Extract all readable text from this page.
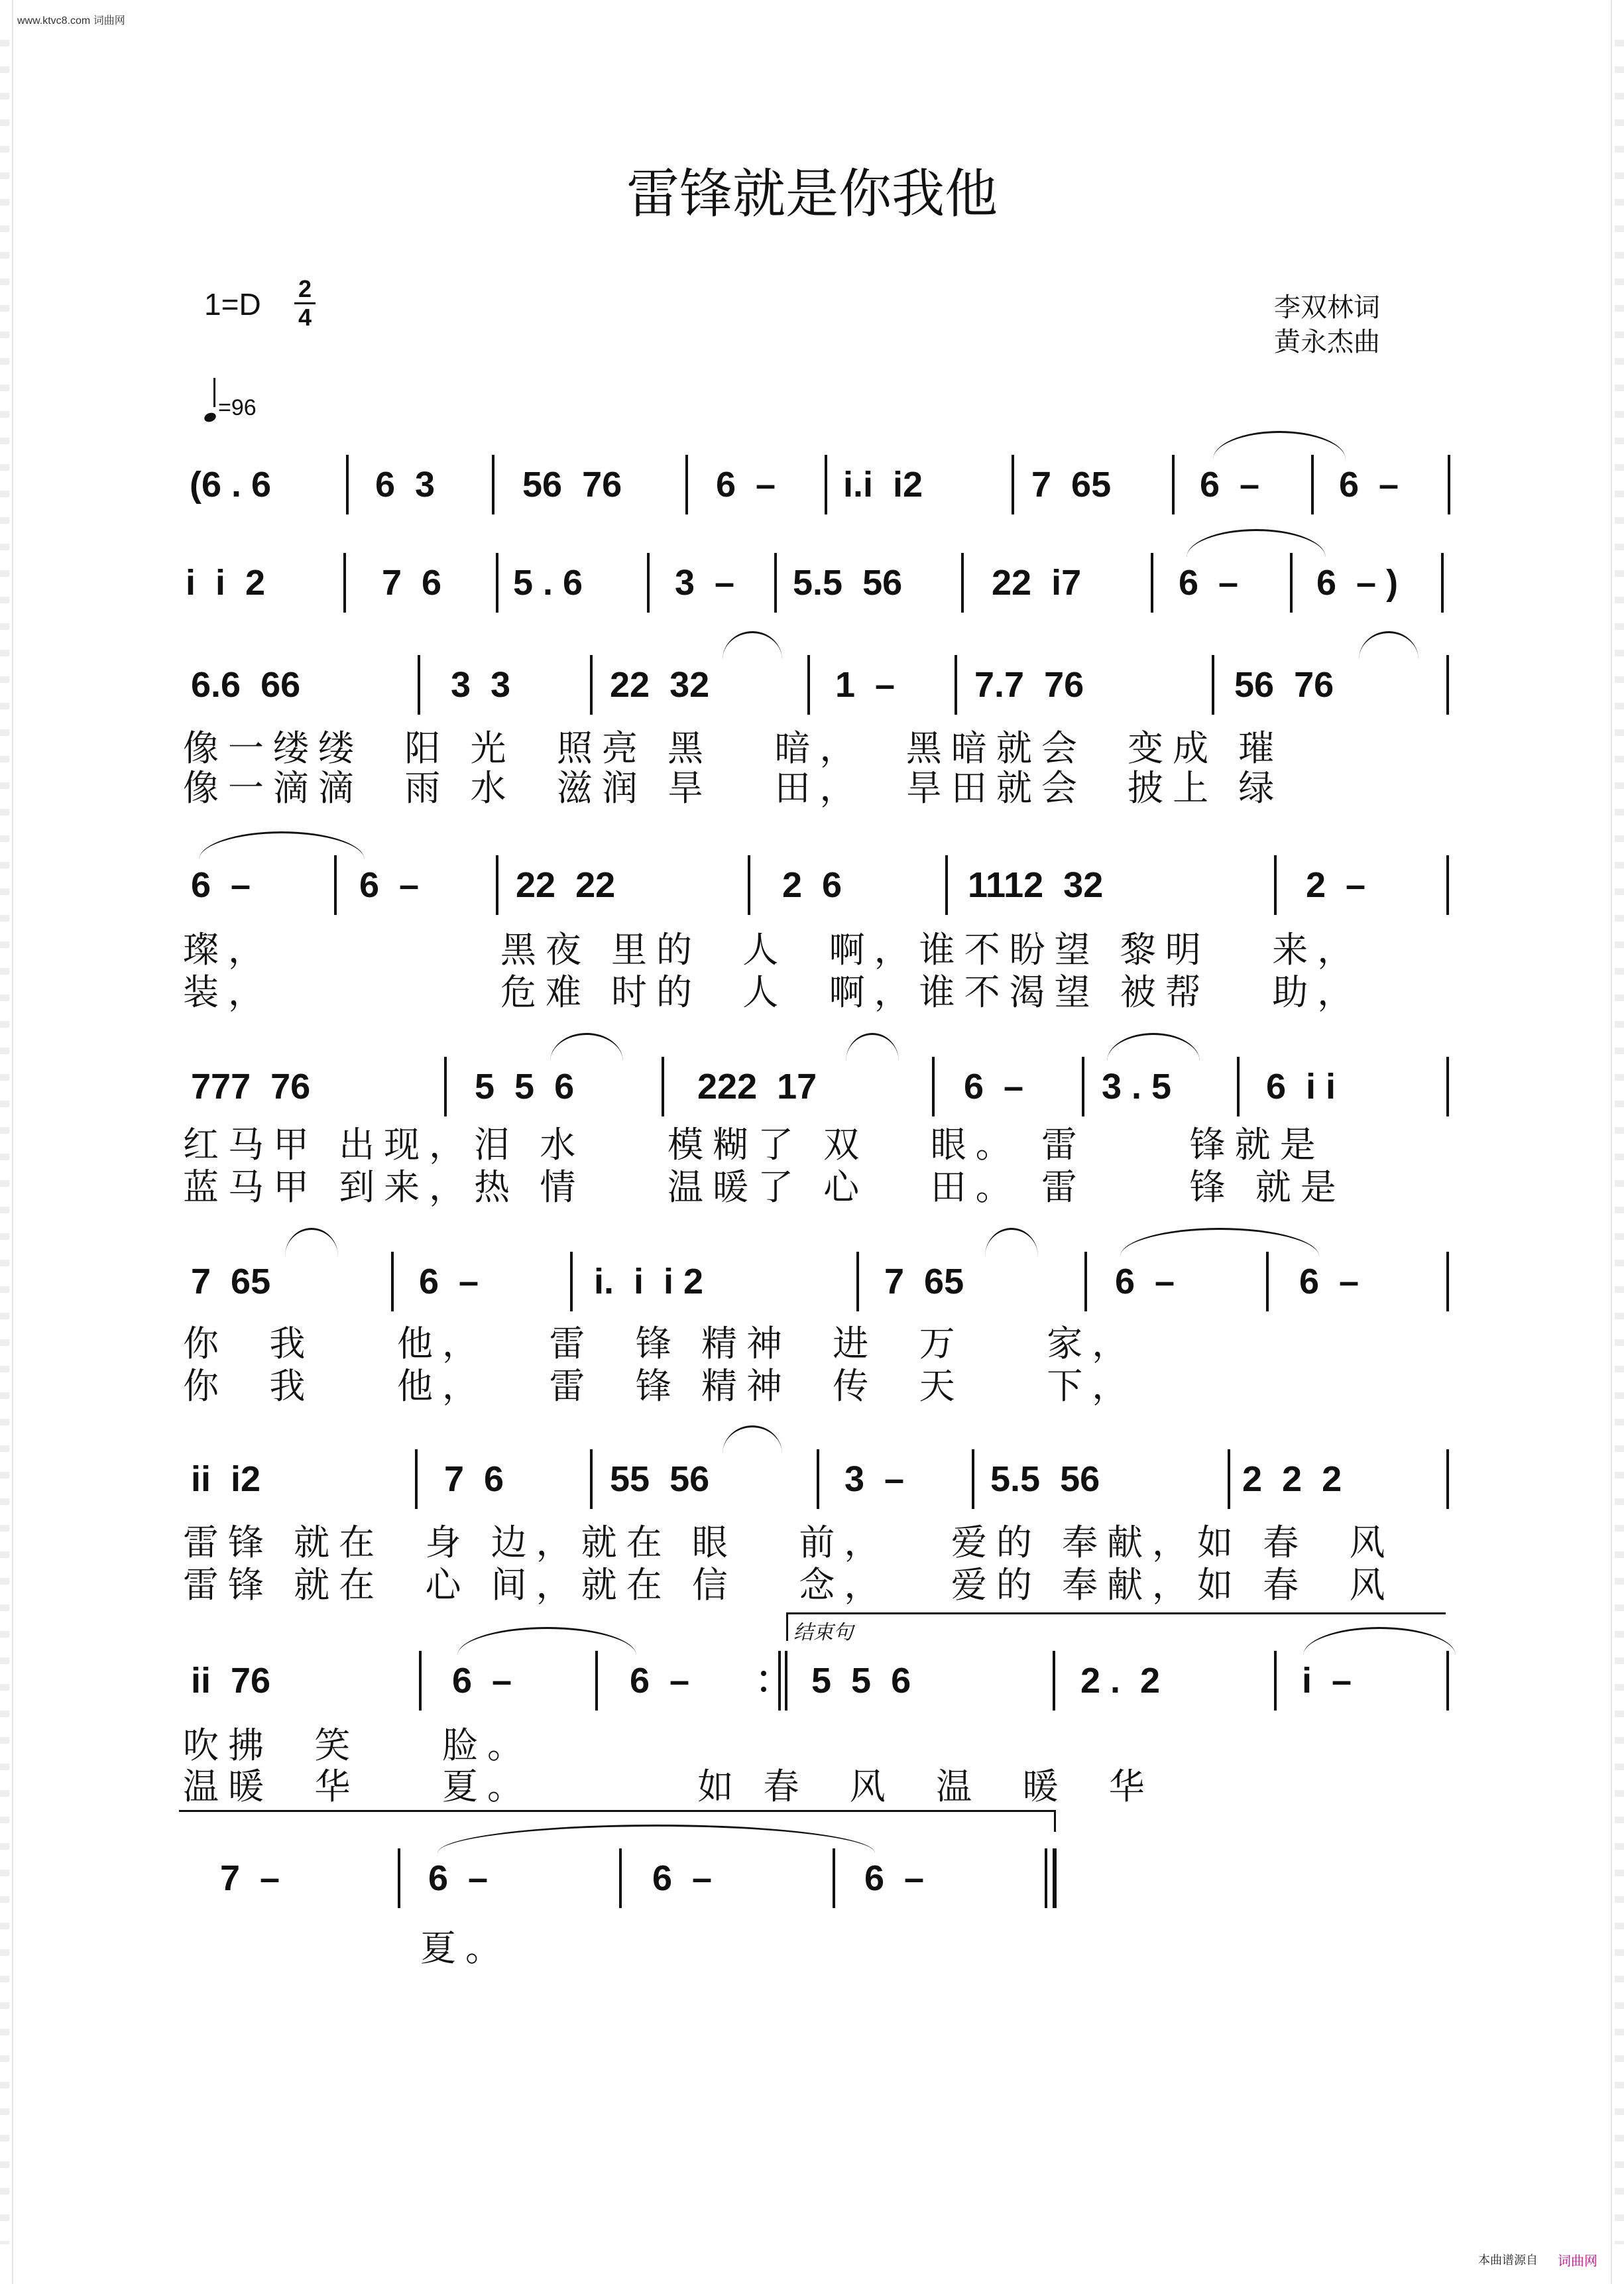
www.ktvc8.com 词曲网
雷锋就是你我他
1=D 2
4
=96
李双林词
黄永杰曲
(6 . 6	6  3 56  76	6  – i.i  i2	7  65 6  – 6  –
i  i  2	7  6 5 . 6	3  – 5.5  56 22  i7	6  – 6  – )
6.6  66	3  3	22  32	1  – 7.7  76	56  76
像一缕缕  阳 光  照亮 黑   暗，  黑暗就会  变成 璀
像一滴滴  雨 水  滋润 旱   田，  旱田就会  披上 绿
6  –	6  –	22  22	2  6	1112  32	2  –
璨，           黑夜 里的  人  啊，谁不盼望 黎明   来，
装，           危难 时的  人  啊，谁不渴望 被帮   助，
777  76	5  5  6	222  17	6  – 3 . 5	6  i i
红马甲 出现，泪 水    模糊了 双   眼。 雷     锋就是
蓝马甲 到来，热 情    温暖了 心   田。 雷     锋 就是
7  65	6  –	i.  i  i 2	7  65	6  –	6  –
你  我    他，   雷  锋 精神  进  万    家，
你  我    他，   雷  锋 精神  传  天    下，
ii  i2	7  6	55  56	3  – 5.5  56	2  2  2
雷锋 就在  身 边，就在 眼   前，   爱的 奉献，如 春  风
雷锋 就在  心 间，就在 信   念，   爱的 奉献，如 春  风
结束句
ii  76	6  –	6  –	5  5  6	2 .  2	i  –
吹拂  笑    脸。
温暖  华    夏。        如 春  风  温  暖  华
7  –	6  –	6  –	6  –
夏。
本曲谱源自 词曲网
